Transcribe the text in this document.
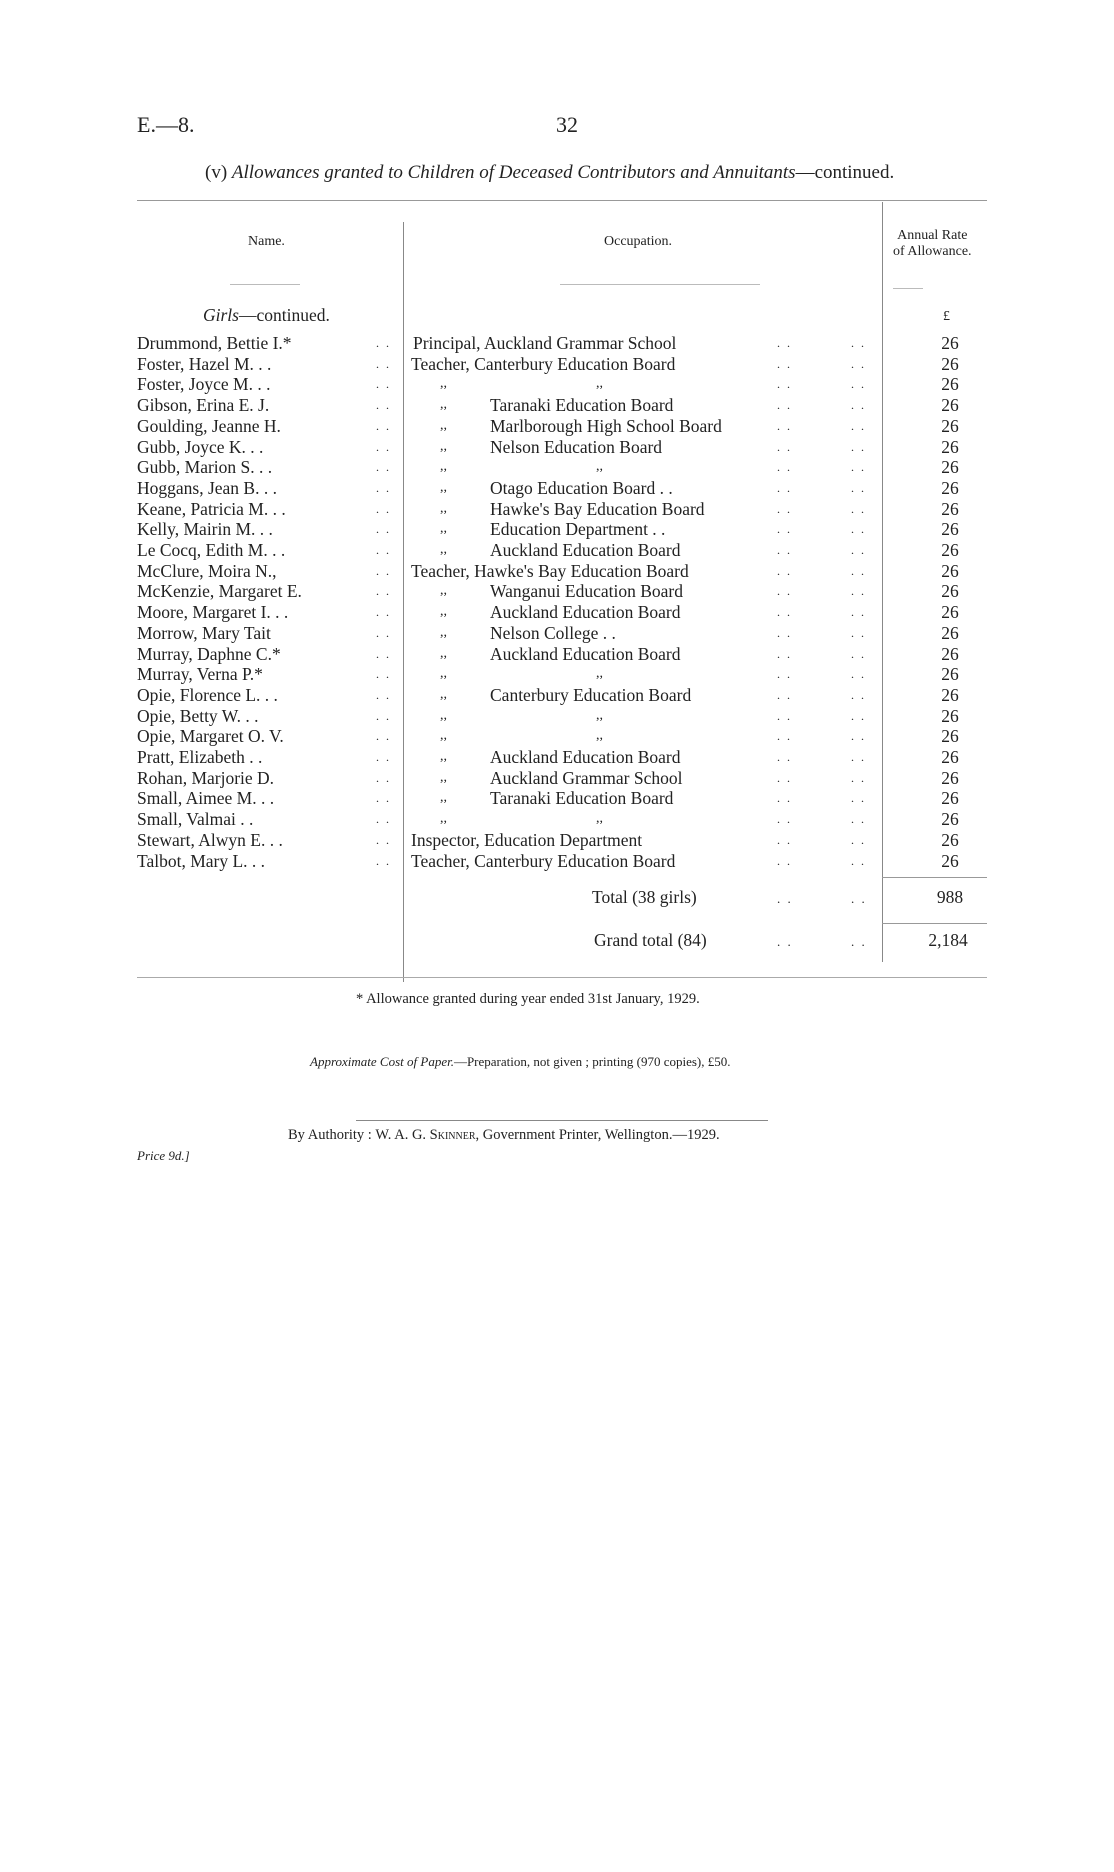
E.—8.	32
(v) Allowances granted to Children of Deceased Contributors and Annuitants—continued.
Name.	Occupation.	Annual Rate
of Allowance.
Girls—continued.	£
Drummond, Bettie I.*	. . Principal, Auckland Grammar School	. .	. .	26
Foster, Hazel M. . .	. . Teacher, Canterbury Education Board	. .	. .	26
Foster, Joyce M. . .	. .	,,	,,	. .	. .	26
Gibson, Erina E. J.	. .	,, Taranaki Education Board	. .	. .	26
Goulding, Jeanne H.	. .	,, Marlborough High School Board	. .	. .	26
Gubb, Joyce K. . .	. .	,, Nelson Education Board	. .	. .	26
Gubb, Marion S. . .	. .	,,	,,	. .	. .	26
Hoggans, Jean B. . .	. .	,, Otago Education Board . .	. .	. .	26
Keane, Patricia M. . .	. .	,, Hawke's Bay Education Board	. .	. .	26
Kelly, Mairin M. . .	. .	,, Education Department . .	. .	. .	26
Le Cocq, Edith M. . .	. .	,, Auckland Education Board	. .	. .	26
McClure, Moira N.,	. . Teacher, Hawke's Bay Education Board	. .	. .	26
McKenzie, Margaret E.	. .	,, Wanganui Education Board	. .	. .	26
Moore, Margaret I. . .	. .	,, Auckland Education Board	. .	. .	26
Morrow, Mary Tait	. .	,, Nelson College . .	. .	. .	26
Murray, Daphne C.*	. .	,, Auckland Education Board	. .	. .	26
Murray, Verna P.*	. .	,,	,,	. .	. .	26
Opie, Florence L. . .	. .	,, Canterbury Education Board	. .	. .	26
Opie, Betty W. . .	. .	,,	,,	. .	. .	26
Opie, Margaret O. V.	. .	,,	,,	. .	. .	26
Pratt, Elizabeth . .	. .	,, Auckland Education Board	. .	. .	26
Rohan, Marjorie D.	. .	,, Auckland Grammar School	. .	. .	26
Small, Aimee M. . .	. .	,, Taranaki Education Board	. .	. .	26
Small, Valmai . .	. .	,,	,,	. .	. .	26
Stewart, Alwyn E. . .	. . Inspector, Education Department	. .	. .	26
Talbot, Mary L. . .	. . Teacher, Canterbury Education Board	. .	. .	26
Total (38 girls)	. .	. .	988
Grand total (84)	. .	. .	2,184
* Allowance granted during year ended 31st January, 1929.
Approximate Cost of Paper.—Preparation, not given ; printing (970 copies), £50.
By Authority : W. A. G. Skinner, Government Printer, Wellington.—1929.
Price 9d.]
